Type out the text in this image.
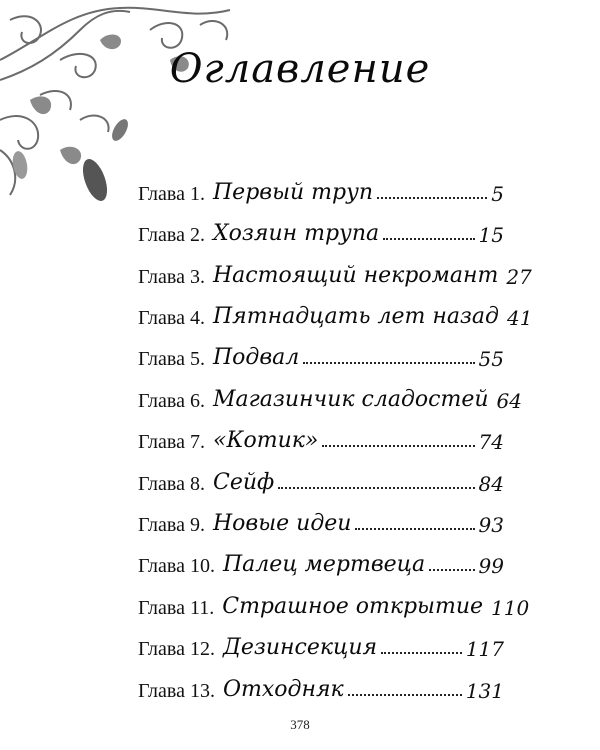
Оглавление
Глава 1. Первый труп	5
Глава 2. Хозяин трупа	15
Глава 3. Настоящий некромант 27
Глава 4. Пятнадцать лет назад 41
Глава 5. Подвал	55
Глава 6. Магазинчик сладостей 64
Глава 7. «Котик»	74
Глава 8. Сейф	84
Глава 9. Новые идеи	93
Глава 10. Палец мертвеца	99
Глава 11. Страшное открытие 110
Глава 12. Дезинсекция	117
Глава 13. Отходняк	131
378
